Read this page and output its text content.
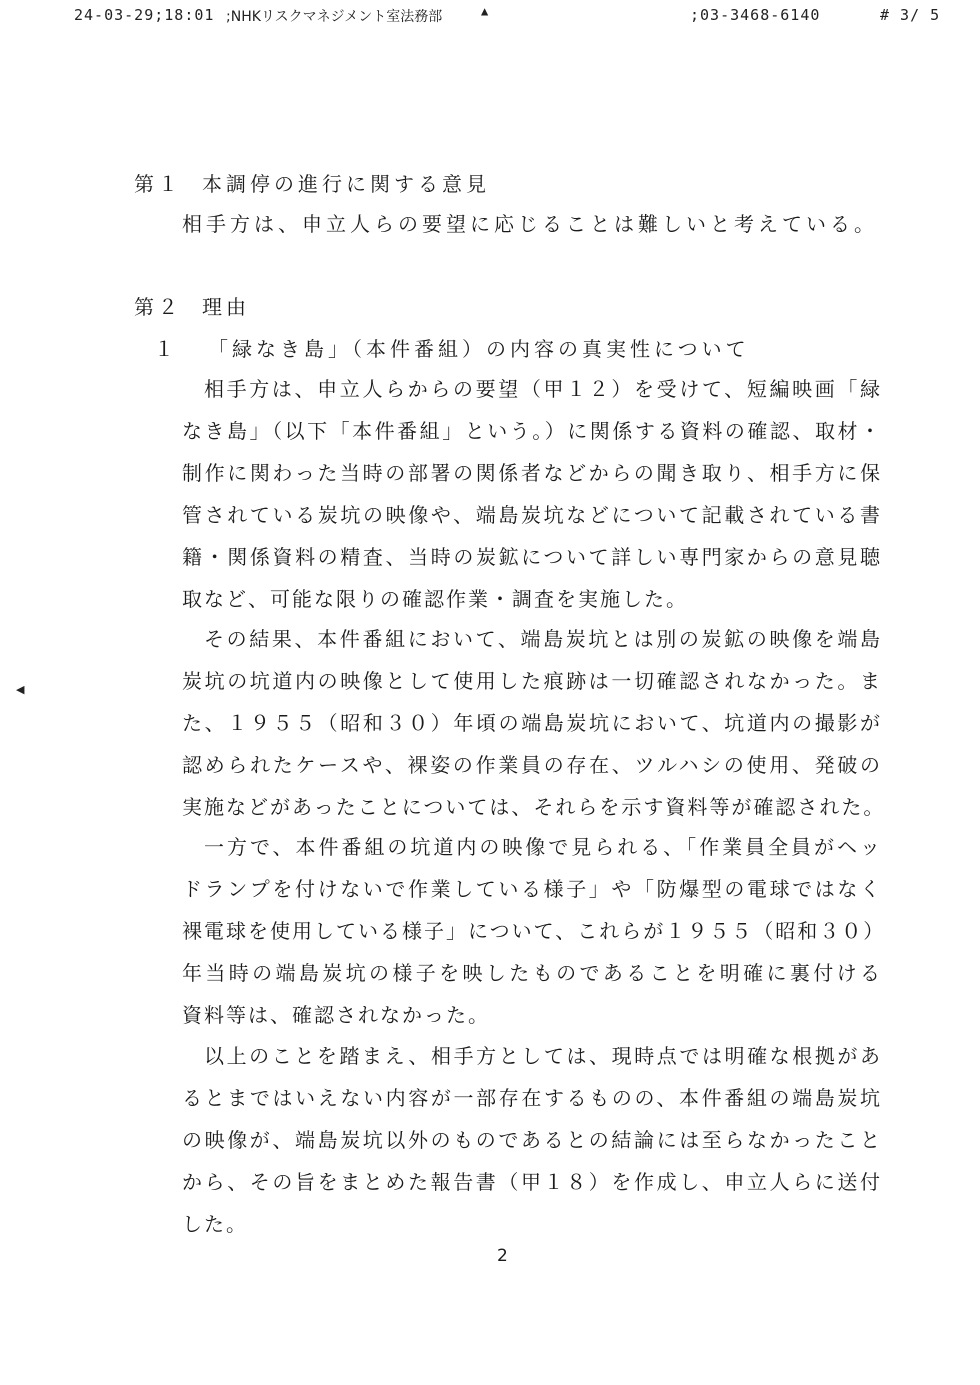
24-03-29;18:01 ;NHKリスクマネジメント室法務部	▲	;03-3468-6140	# 3/ 5
◀
第１ 本調停の進行に関する意見
相手方は、申立人らの要望に応じることは難しいと考えている。
第２ 理由
１ 「緑なき島」（本件番組）の内容の真実性について
相手方は、申立人らからの要望（甲１２）を受けて、短編映画「緑
なき島」（以下「本件番組」という。）に関係する資料の確認、取材・
制作に関わった当時の部署の関係者などからの聞き取り、相手方に保
管されている炭坑の映像や、端島炭坑などについて記載されている書
籍・関係資料の精査、当時の炭鉱について詳しい専門家からの意見聴
取など、可能な限りの確認作業・調査を実施した。
その結果、本件番組において、端島炭坑とは別の炭鉱の映像を端島
炭坑の坑道内の映像として使用した痕跡は一切確認されなかった。ま
た、１９５５（昭和３０）年頃の端島炭坑において、坑道内の撮影が
認められたケースや、裸姿の作業員の存在、ツルハシの使用、発破の
実施などがあったことについては、それらを示す資料等が確認された。
一方で、本件番組の坑道内の映像で見られる、「作業員全員がヘッ
ドランプを付けないで作業している様子」や「防爆型の電球ではなく
裸電球を使用している様子」について、これらが１９５５（昭和３０）
年当時の端島炭坑の様子を映したものであることを明確に裏付ける
資料等は、確認されなかった。
以上のことを踏まえ、相手方としては、現時点では明確な根拠があ
るとまではいえない内容が一部存在するものの、本件番組の端島炭坑
の映像が、端島炭坑以外のものであるとの結論には至らなかったこと
から、その旨をまとめた報告書（甲１８）を作成し、申立人らに送付
した。
2
